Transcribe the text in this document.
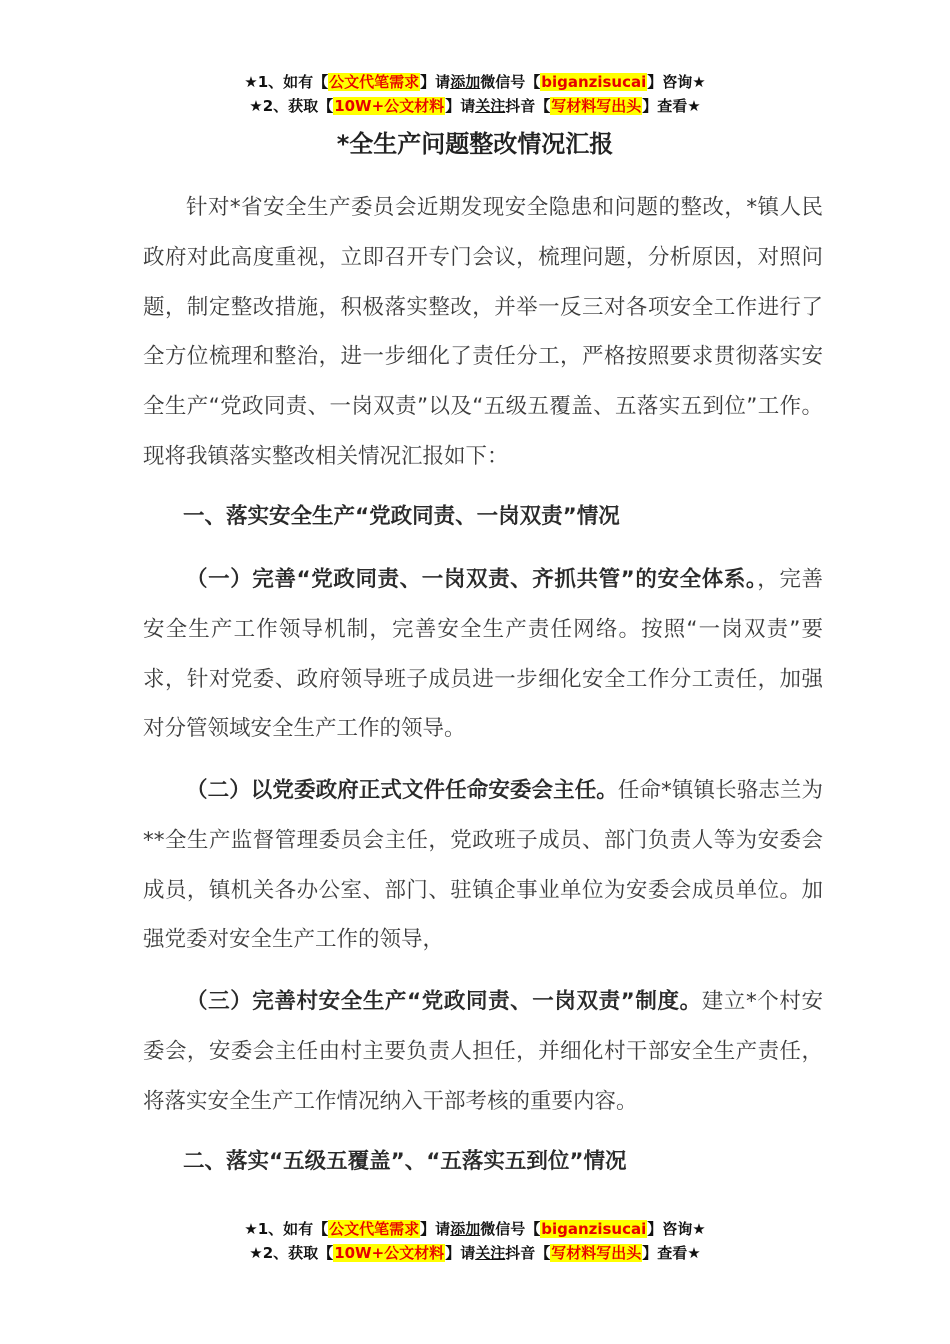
★1、如有【公文代笔需求】请添加微信号【biganzisucai】咨询★
★2、获取【10W+公文材料】请关注抖音【写材料写出头】查看★
*全生产问题整改情况汇报
针对*省安全生产委员会近期发现安全隐患和问题的整改，*镇人民政府对此高度重视，立即召开专门会议，梳理问题，分析原因，对照问题，制定整改措施，积极落实整改，并举一反三对各项安全工作进行了全方位梳理和整治，进一步细化了责任分工，严格按照要求贯彻落实安全生产“党政同责、一岗双责”以及“五级五覆盖、五落实五到位”工作。现将我镇落实整改相关情况汇报如下：
一、落实安全生产“党政同责、一岗双责”情况
（一）完善“党政同责、一岗双责、齐抓共管”的安全体系。，完善安全生产工作领导机制，完善安全生产责任网络。按照“一岗双责”要求，针对党委、政府领导班子成员进一步细化安全工作分工责任，加强对分管领域安全生产工作的领导。
（二）以党委政府正式文件任命安委会主任。任命*镇镇长骆志兰为**全生产监督管理委员会主任，党政班子成员、部门负责人等为安委会成员，镇机关各办公室、部门、驻镇企事业单位为安委会成员单位。加强党委对安全生产工作的领导，
（三）完善村安全生产“党政同责、一岗双责”制度。建立*个村安委会，安委会主任由村主要负责人担任，并细化村干部安全生产责任，将落实安全生产工作情况纳入干部考核的重要内容。
二、落实“五级五覆盖”、“五落实五到位”情况
★1、如有【公文代笔需求】请添加微信号【biganzisucai】咨询★
★2、获取【10W+公文材料】请关注抖音【写材料写出头】查看★
